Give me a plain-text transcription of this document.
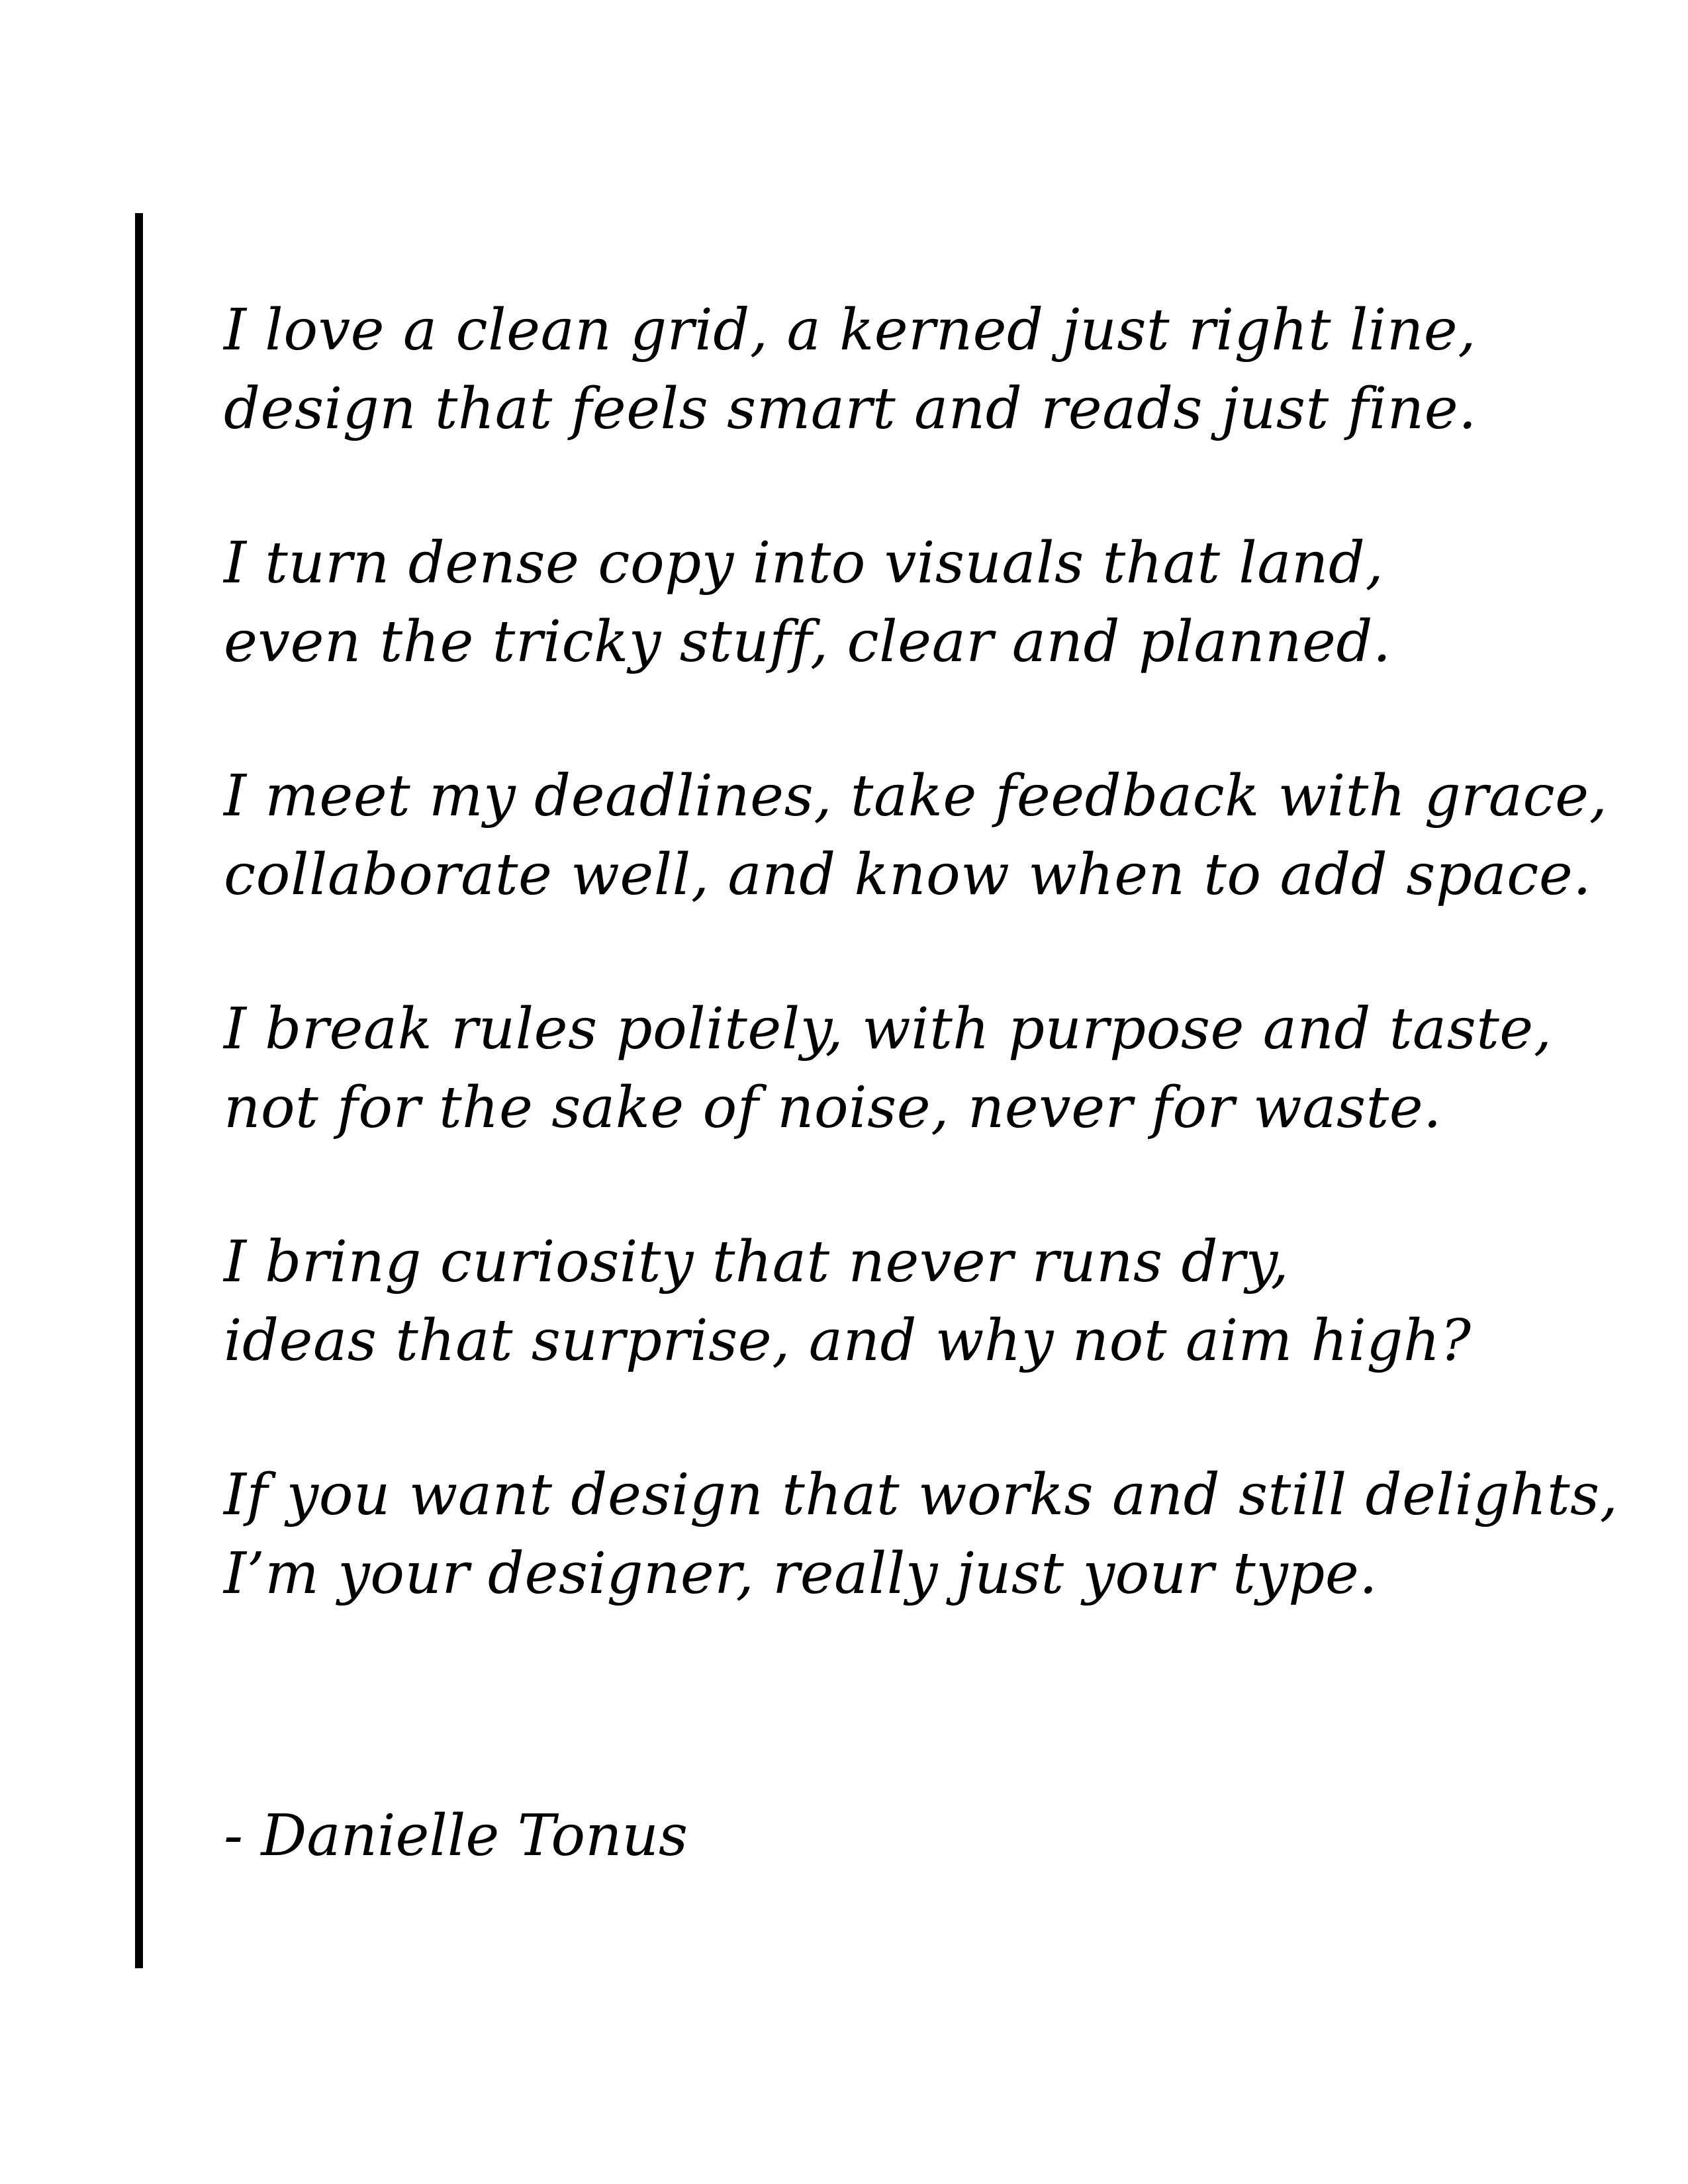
I love a clean grid, a kerned just right line,
design that feels smart and reads just fine.
I turn dense copy into visuals that land,
even the tricky stuff, clear and planned.
I meet my deadlines, take feedback with grace,
collaborate well, and know when to add space.
I break rules politely, with purpose and taste,
not for the sake of noise, never for waste.
I bring curiosity that never runs dry,
ideas that surprise, and why not aim high?
If you want design that works and still delights,
I’m your designer, really just your type.
- Danielle Tonus
